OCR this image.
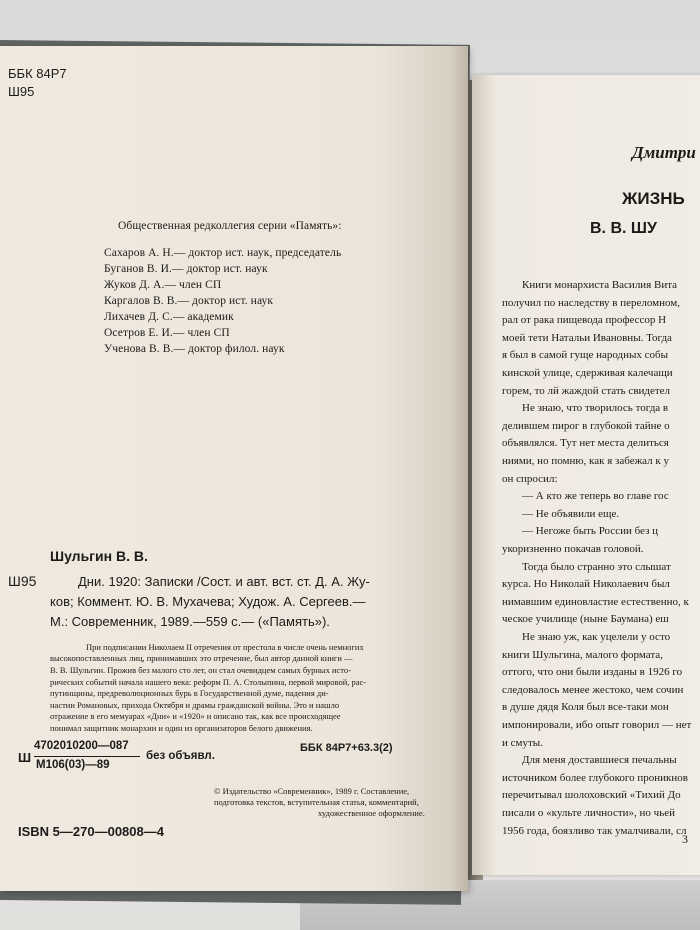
ББК 84Р7
Ш95
Общественная редколлегия серии «Память»:
Сахаров А. Н.— доктор ист. наук, председатель
Буганов В. И.— доктор ист. наук
Жуков Д. А.— член СП
Каргалов В. В.— доктор ист. наук
Лихачев Д. С.— академик
Осетров Е. И.— член СП
Ученова В. В.— доктор филол. наук
Шульгин В. В.
Ш95	Дни. 1920: Записки /Сост. и авт. вст. ст. Д. А. Жу-
ков; Коммент. Ю. В. Мухачева; Худож. А. Сергеев.—
М.: Современник, 1989.—559 с.— («Память»).
При подписании Николаем II отречения от престола в числе очень немногих
высокопоставленных лиц, принимавших это отречение, был автор данной книги —
В. В. Шульгин. Прожив без малого сто лет, он стал очевидцем самых бурных исто-
рических событий начала нашего века: реформ П. А. Столыпина, первой мировой, рас-
путинщины, предреволюционных бурь в Государственной думе, падения ди-
настии Романовых, прихода Октября и драмы гражданской войны. Это и нашло
отражение в его мемуарах «Дни» и «1920» и описано так, как все происходящее
понимал защитник монархии и один из организаторов белого движения.
ББК 84Р7+63.3(2)
Ш
4702010200—087
М106(03)—89
без объявл.
© Издательство «Современник», 1989 г. Составление,
подготовка текстов, вступительная статья, комментарий,
художественное оформление.
ISBN 5—270—00808—4
Дмитри
ЖИЗНЬ
В. В. ШУ
Книги монархиста Василия Вита
получил по наследству в переломном,
рал от рака пищевода профессор Н
моей тети Натальи Ивановны. Тогда
я был в самой гуще народных собы
кинской улице, сдерживая калечащи
горем, то лй жаждой стать свидетел
Не знаю, что творилось тогда в
делившем пирог в глубокой тайне о
объявлялся. Тут нет места делиться
ниями, но помню, как я забежал к у
он спросил:
— А кто же теперь во главе гос
— Не объявили еще.
— Негоже быть России без ц
укоризненно покачав головой.
Тогда было странно это слышат
курса. Но Николай Николаевич был
нимавшим единовластие естественно, к
ческое училище (ныне Баумана) еш
Не знаю уж, как уцелели у осто
книги Шульгина, малого формата,
оттого, что они были изданы в 1926 го
следовалось менее жестоко, чем сочин
в душе дядя Коля был все-таки мон
импонировали, ибо опыт говорил — нет
и смуты.
Для меня доставшиеся печальны
источником более глубокого проникнов
перечитывал шолоховский «Тихий До
писали о «культе личности», но чьей
1956 года, боязливо так умалчивали, сл
3
